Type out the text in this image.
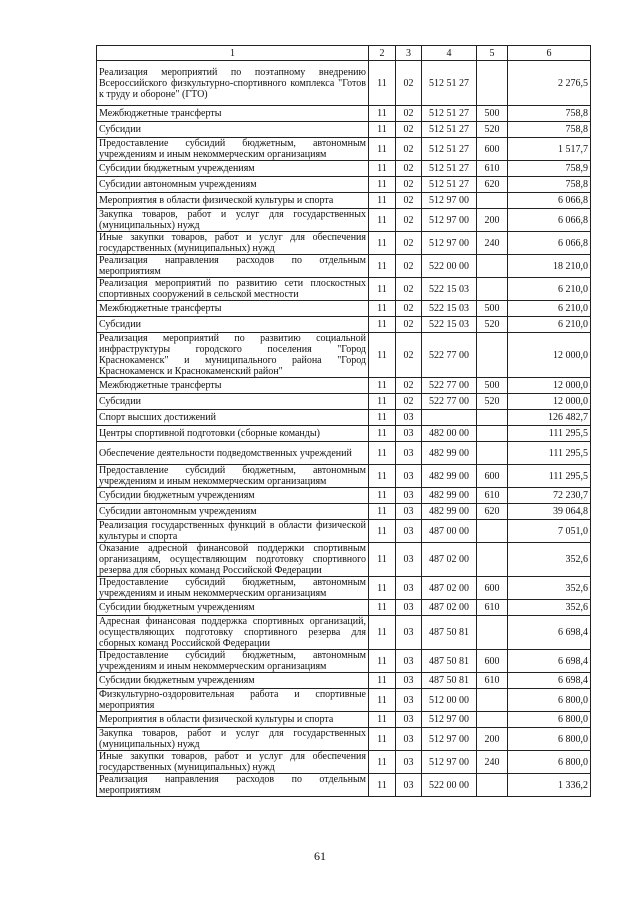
1	2	3	4	5	6
Реализация мероприятий по поэтапному внедрению Всероссийского физкультурно-спортивного комплекса "Готов к труду и обороне" (ГТО)	11	02	512 51 27		2 276,5
Межбюджетные трансферты	11	02	512 51 27	500	758,8
Субсидии	11	02	512 51 27	520	758,8
Предоставление субсидий бюджетным, автономным учреждениям и иным некоммерческим организациям	11	02	512 51 27	600	1 517,7
Субсидии бюджетным учреждениям	11	02	512 51 27	610	758,9
Субсидии автономным учреждениям	11	02	512 51 27	620	758,8
Мероприятия в области физической культуры и спорта	11	02	512 97 00		6 066,8
Закупка товаров, работ и услуг для государственных (муниципальных) нужд	11	02	512 97 00	200	6 066,8
Иные закупки товаров, работ и услуг для обеспечения государственных (муниципальных) нужд	11	02	512 97 00	240	6 066,8
Реализация направления расходов по отдельным мероприятиям	11	02	522 00 00		18 210,0
Реализация мероприятий по развитию сети плоскостных спортивных сооружений в сельской местности	11	02	522 15 03		6 210,0
Межбюджетные трансферты	11	02	522 15 03	500	6 210,0
Субсидии	11	02	522 15 03	520	6 210,0
Реализация мероприятий по развитию социальной инфраструктуры городского поселения "Город Краснокаменск" и муниципального района "Город Краснокаменск и Краснокаменский район"	11	02	522 77 00		12 000,0
Межбюджетные трансферты	11	02	522 77 00	500	12 000,0
Субсидии	11	02	522 77 00	520	12 000,0
Спорт высших достижений	11	03			126 482,7
Центры спортивной подготовки (сборные команды)	11	03	482 00 00		111 295,5
Обеспечение деятельности подведомственных учреждений	11	03	482 99 00		111 295,5
Предоставление субсидий бюджетным, автономным учреждениям и иным некоммерческим организациям	11	03	482 99 00	600	111 295,5
Субсидии бюджетным учреждениям	11	03	482 99 00	610	72 230,7
Субсидии автономным учреждениям	11	03	482 99 00	620	39 064,8
Реализация государственных функций в области физической культуры и спорта	11	03	487 00 00		7 051,0
Оказание адресной финансовой поддержки спортивным организациям, осуществляющим подготовку спортивного резерва для сборных команд Российской Федерации	11	03	487 02 00		352,6
Предоставление субсидий бюджетным, автономным учреждениям и иным некоммерческим организациям	11	03	487 02 00	600	352,6
Субсидии бюджетным учреждениям	11	03	487 02 00	610	352,6
Адресная финансовая поддержка спортивных организаций, осуществляющих подготовку спортивного резерва для сборных команд Российской Федерации	11	03	487 50 81		6 698,4
Предоставление субсидий бюджетным, автономным учреждениям и иным некоммерческим организациям	11	03	487 50 81	600	6 698,4
Субсидии бюджетным учреждениям	11	03	487 50 81	610	6 698,4
Физкультурно-оздоровительная работа и спортивные мероприятия	11	03	512 00 00		6 800,0
Мероприятия в области физической культуры и спорта	11	03	512 97 00		6 800,0
Закупка товаров, работ и услуг для государственных (муниципальных) нужд	11	03	512 97 00	200	6 800,0
Иные закупки товаров, работ и услуг для обеспечения государственных (муниципальных) нужд	11	03	512 97 00	240	6 800,0
Реализация направления расходов по отдельным мероприятиям	11	03	522 00 00		1 336,2
61
